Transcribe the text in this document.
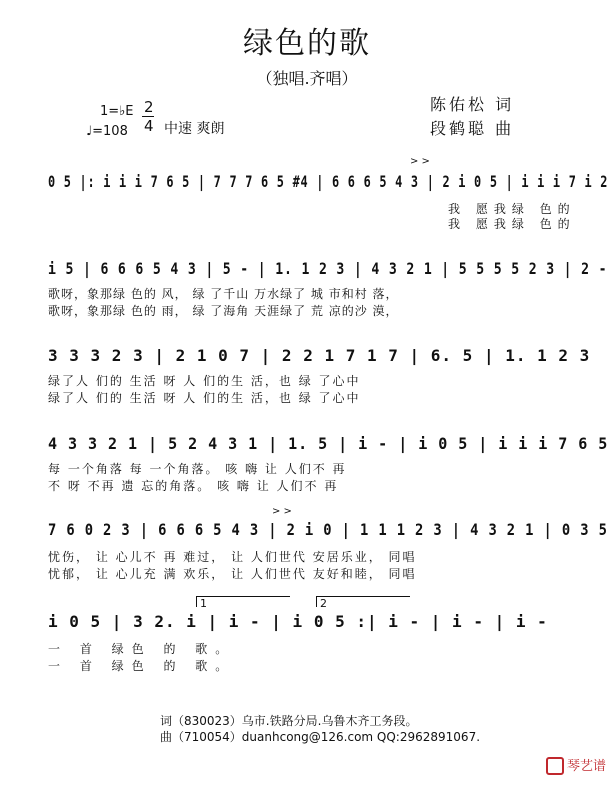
绿色的歌
（独唱.齐唱）
陈佑松 词
段鹤聪 曲
1=♭E 2
4 中速 爽朗
♩=108
0 5 |: i i i 7 6 5 | 7 7 7 6 5 #4 | 6 6 6 5 4 3 | 2 i 0 5 | i i i 7 i 2
> >
我 愿我绿 色的
我 愿我绿 色的
i 5 | 6 6 6 5 4 3 | 5 - | 1. 1 2 3 | 4 3 2 1 | 5 5 5 5 2 3 | 2 -
歌呀，象那绿 色的 风， 绿 了千山 万水绿了 城 市和村 落，
歌呀，象那绿 色的 雨， 绿 了海角 天涯绿了 荒 凉的沙 漠，
3 3 3 2 3 | 2 1 0 7 | 2 2 1 7 1 7 | 6. 5 | 1. 1 2 3
绿了人 们的 生活 呀 人 们的生 活，也 绿 了心中
绿了人 们的 生活 呀 人 们的生 活，也 绿 了心中
4 3 3 2 1 | 5 2 4 3 1 | 1. 5 | i - | i 0 5 | i i i 7 6 5
每 一个角落 每 一个角落。 咳 嗨 让 人们不 再
不 呀 不再 遗 忘的角落。 咳 嗨 让 人们不 再
7 6 0 2 3 | 6 6 6 5 4 3 | 2 i 0 | 1 1 1 2 3 | 4 3 2 1 | 0 3 5
> >
忧伤， 让 心儿不 再 难过， 让 人们世代 安居乐业， 同唱
忧郁， 让 心儿充 满 欢乐， 让 人们世代 友好和睦， 同唱
1	2
i 0 5 | 3 2. i | i - | i 0 5 :| i - | i - | i -
一 首 绿色 的 歌。
一 首 绿色 的 歌。
词（830023）乌市.铁路分局.乌鲁木齐工务段。
曲（710054）duanhcong@126.com QQ:2962891067.
琴艺谱
